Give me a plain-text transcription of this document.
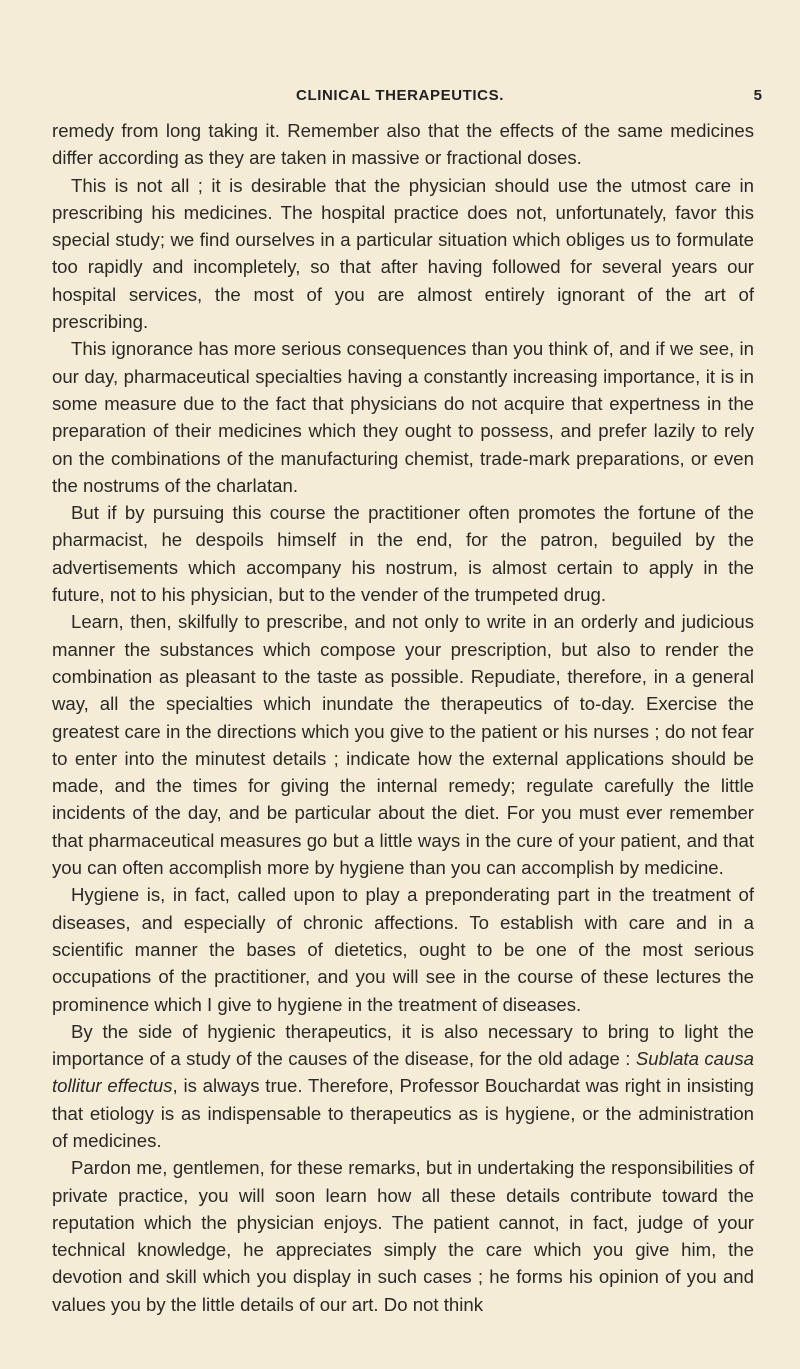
CLINICAL THERAPEUTICS.	5

remedy from long taking it. Remember also that the effects of the same medicines differ according as they are taken in massive or fractional doses.

This is not all ; it is desirable that the physician should use the utmost care in prescribing his medicines. The hospital practice does not, unfortunately, favor this special study; we find ourselves in a particular situation which obliges us to formulate too rapidly and incompletely, so that after having followed for several years our hospital services, the most of you are almost entirely ignorant of the art of prescribing.

This ignorance has more serious consequences than you think of, and if we see, in our day, pharmaceutical specialties having a constantly increasing importance, it is in some measure due to the fact that physicians do not acquire that expertness in the preparation of their medicines which they ought to possess, and prefer lazily to rely on the combinations of the manufacturing chemist, trade-mark preparations, or even the nostrums of the charlatan.

But if by pursuing this course the practitioner often promotes the fortune of the pharmacist, he despoils himself in the end, for the patron, beguiled by the advertisements which accompany his nostrum, is almost certain to apply in the future, not to his physician, but to the vender of the trumpeted drug.

Learn, then, skilfully to prescribe, and not only to write in an orderly and judicious manner the substances which compose your prescription, but also to render the combination as pleasant to the taste as possible. Repudiate, therefore, in a general way, all the specialties which inundate the therapeutics of to-day. Exercise the greatest care in the directions which you give to the patient or his nurses ; do not fear to enter into the minutest details ; indicate how the external applications should be made, and the times for giving the internal remedy; regulate carefully the little incidents of the day, and be particular about the diet. For you must ever remember that pharmaceutical measures go but a little ways in the cure of your patient, and that you can often accomplish more by hygiene than you can accomplish by medicine.

Hygiene is, in fact, called upon to play a preponderating part in the treatment of diseases, and especially of chronic affections. To establish with care and in a scientific manner the bases of dietetics, ought to be one of the most serious occupations of the practitioner, and you will see in the course of these lectures the prominence which I give to hygiene in the treatment of diseases.

By the side of hygienic therapeutics, it is also necessary to bring to light the importance of a study of the causes of the disease, for the old adage : Sublata causa tollitur effectus, is always true. Therefore, Professor Bouchardat was right in insisting that etiology is as indispensable to therapeutics as is hygiene, or the administration of medicines.

Pardon me, gentlemen, for these remarks, but in undertaking the responsibilities of private practice, you will soon learn how all these details contribute toward the reputation which the physician enjoys. The patient cannot, in fact, judge of your technical knowledge, he appreciates simply the care which you give him, the devotion and skill which you display in such cases ; he forms his opinion of you and values you by the little details of our art. Do not think
